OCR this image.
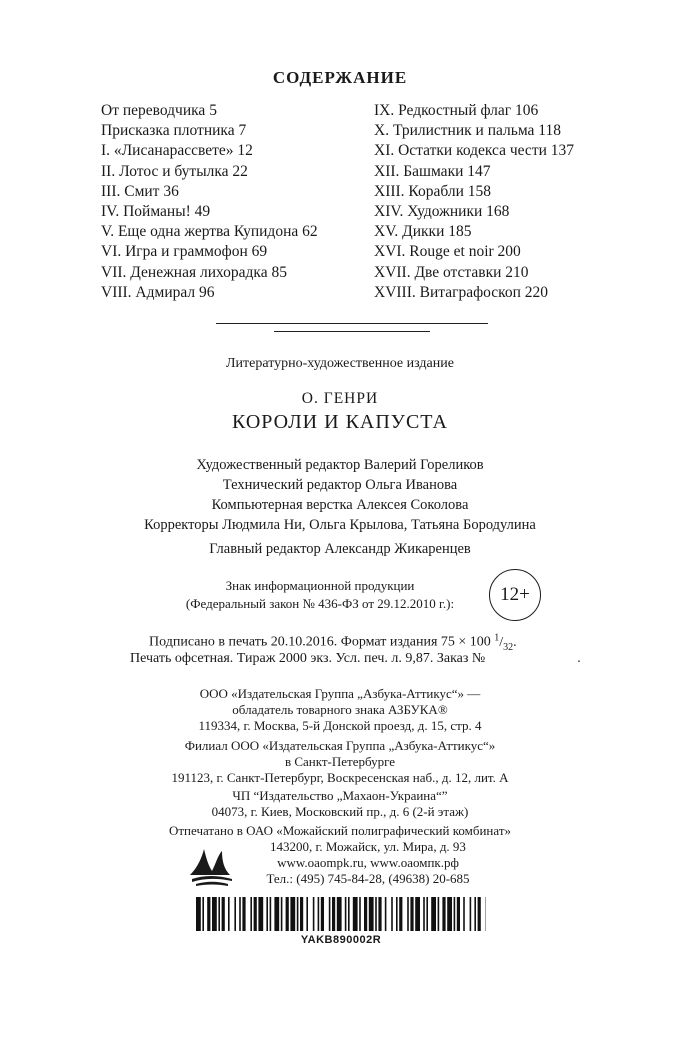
СОДЕРЖАНИЕ
От переводчика 5
Присказка плотника 7
I. «Лисанарассвете» 12
II. Лотос и бутылка 22
III. Смит 36
IV. Пойманы! 49
V. Еще одна жертва Купидона 62
VI. Игра и граммофон 69
VII. Денежная лихорадка 85
VIII. Адмирал 96
IX. Редкостный флаг 106
X. Трилистник и пальма 118
XI. Остатки кодекса чести 137
XII. Башмаки 147
XIII. Корабли 158
XIV. Художники 168
XV. Дикки 185
XVI. Rouge et noir 200
XVII. Две отставки 210
XVIII. Витаграфоскоп 220
Литературно-художественное издание
О. ГЕНРИ
КОРОЛИ И КАПУСТА
Художественный редактор Валерий Гореликов
Технический редактор Ольга Иванова
Компьютерная верстка Алексея Соколова
Корректоры Людмила Ни, Ольга Крылова, Татьяна Бородулина
Главный редактор Александр Жикаренцев
Знак информационной продукции
(Федеральный закон № 436-ФЗ от 29.12.2010 г.):	12+
Подписано в печать 20.10.2016. Формат издания 75 × 100 $^1/_{32}$.
Печать офсетная. Тираж 2000 экз. Усл. печ. л. 9,87. Заказ №	.
ООО «Издательская Группа „Азбука-Аттикус“» —
обладатель товарного знака АЗБУКА®
119334, г. Москва, 5-й Донской проезд, д. 15, стр. 4
Филиал ООО «Издательская Группа „Азбука-Аттикус“»
в Санкт-Петербурге
191123, г. Санкт-Петербург, Воскресенская наб., д. 12, лит. А
ЧП “Издательство „Махаон-Украина“”
04073, г. Киев, Московский пр., д. 6 (2-й этаж)
Отпечатано в ОАО «Можайский полиграфический комбинат»
143200, г. Можайск, ул. Мира, д. 93
www.oaompk.ru, www.оаомпк.рф
Тел.: (495) 745-84-28, (49638) 20-685
YAKB890002R
